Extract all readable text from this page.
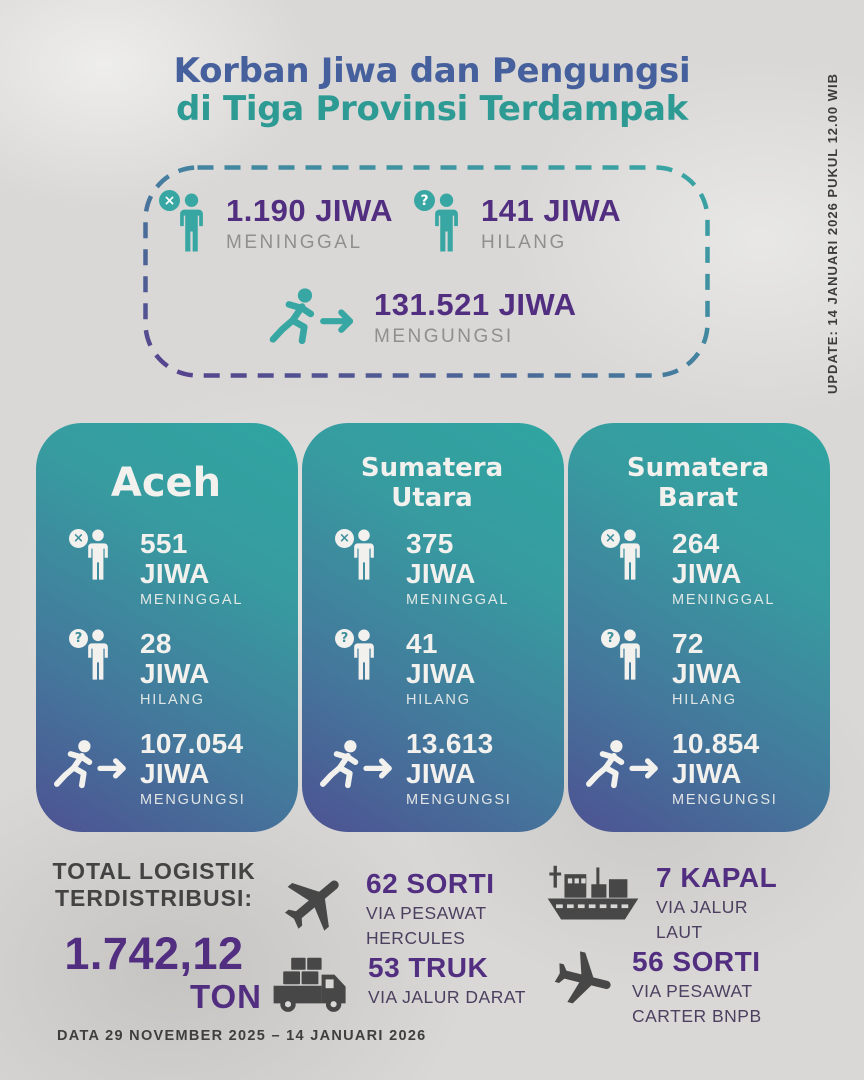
Korban Jiwa dan Pengungsi
di Tiga Provinsi Terdampak	UPDATE: 14 JANUARI 2026 PUKUL 12.00 WIB
× 1.190 JIWA
MENINGGAL
? 141 JIWA
HILANG
131.521 JIWA
MENGUNGSI
Aceh
× 551
JIWA
MENINGGAL
? 28
JIWA
HILANG
107.054
JIWA
MENGUNGSI
Sumatera Utara
× 375
JIWA
MENINGGAL
? 41
JIWA
HILANG
13.613
JIWA
MENGUNGSI
Sumatera Barat
× 264
JIWA
MENINGGAL
? 72
JIWA
HILANG
10.854
JIWA
MENGUNGSI
TOTAL LOGISTIK
TERDISTRIBUSI:
1.742,12
TON
62 SORTI
VIA PESAWAT
HERCULES
7 KAPAL
VIA JALUR
LAUT
53 TRUK
VIA JALUR DARAT
56 SORTI
VIA PESAWAT
CARTER BNPB
DATA 29 NOVEMBER 2025 – 14 JANUARI 2026
